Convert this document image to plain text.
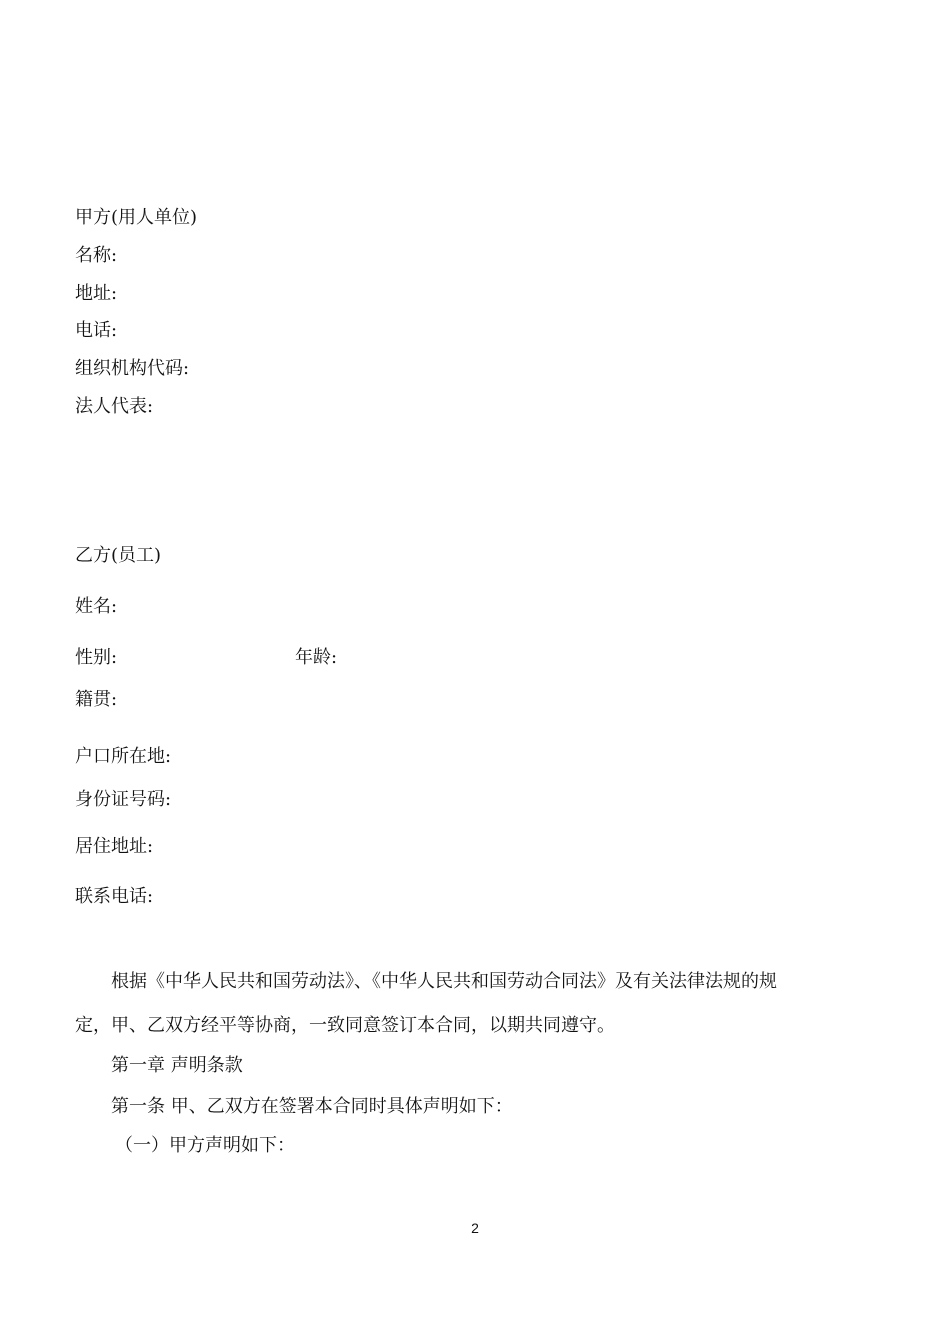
甲方(用人单位)
名称:
地址:
电话:
组织机构代码:
法人代表:
乙方(员工)
姓名:
性别:	年龄:
籍贯:
户口所在地:
身份证号码:
居住地址:
联系电话:
根据《中华人民共和国劳动法》、《中华人民共和国劳动合同法》及有关法律法规的规
定，甲、乙双方经平等协商，一致同意签订本合同，以期共同遵守。
第一章 声明条款
第一条 甲、乙双方在签署本合同时具体声明如下：
（一）甲方声明如下：
2
